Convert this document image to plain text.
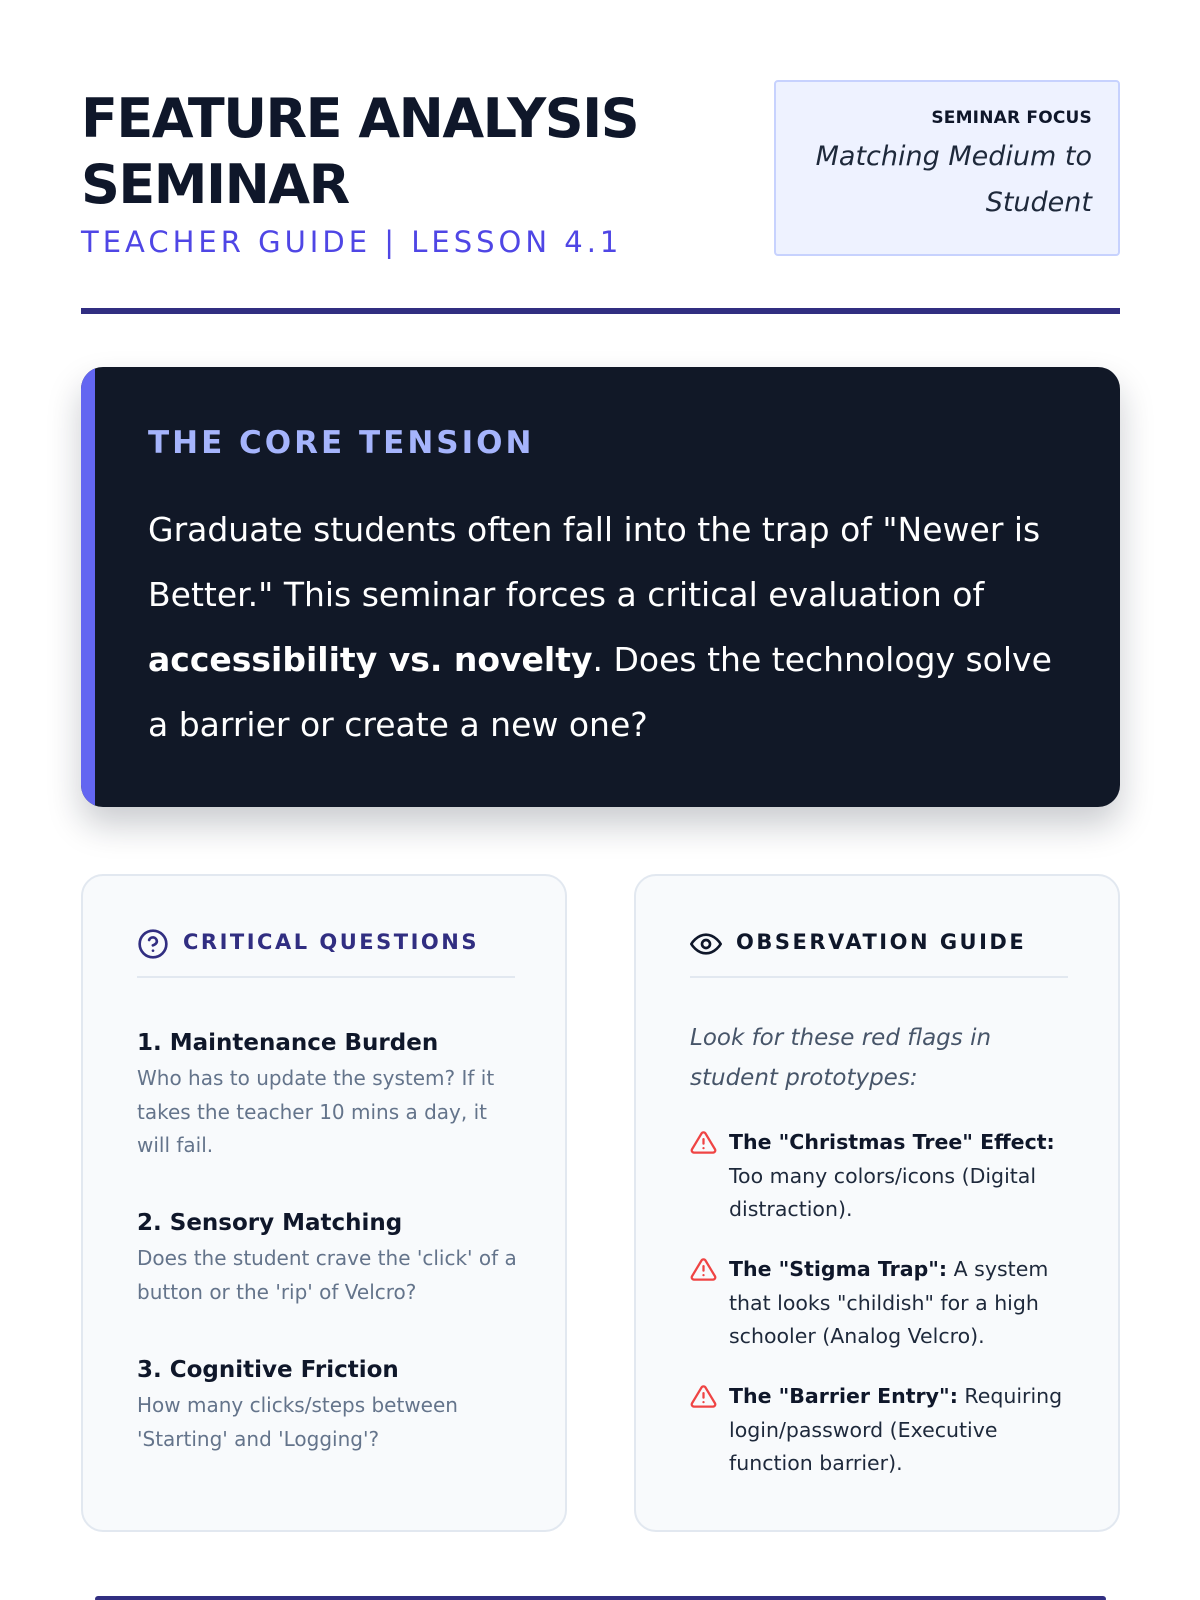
FEATURE ANALYSIS SEMINAR
TEACHER GUIDE | LESSON 4.1
SEMINAR FOCUS
Matching Medium to Student
THE CORE TENSION

Graduate students often fall into the trap of "Newer is Better." This seminar forces a critical evaluation of accessibility vs. novelty. Does the technology solve a barrier or create a new one?

CRITICAL QUESTIONS
1. Maintenance Burden
Who has to update the system? If it takes the teacher 10 mins a day, it will fail.
2. Sensory Matching
Does the student crave the 'click' of a button or the 'rip' of Velcro?
3. Cognitive Friction
How many clicks/steps between 'Starting' and 'Logging'?
OBSERVATION GUIDE
Look for these red flags in student prototypes:
The "Christmas Tree" Effect: Too many colors/icons (Digital distraction).
The "Stigma Trap": A system that looks "childish" for a high schooler (Analog Velcro).
The "Barrier Entry": Requiring login/password (Executive function barrier).
